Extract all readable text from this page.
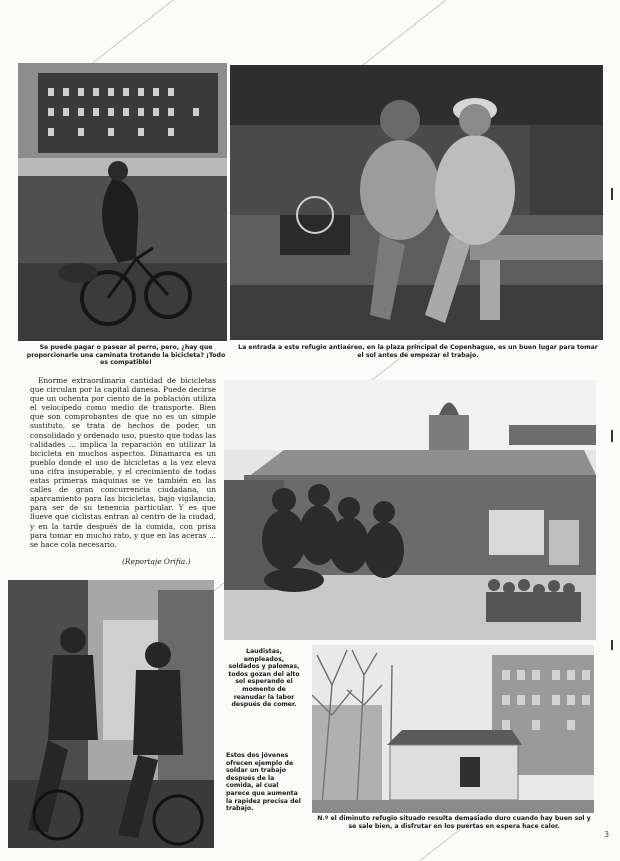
Se puede pagar o pasear al perro, pero, ¿hay que proporcionarle una caminata trotando la bicicleta? ¡Todo es compatible!

La entrada a este refugio antiaéreo, en la plaza principal de Copenhague, es un buen lugar para tomar el sol antes de empezar el trabajo.

Enorme extraordinaria cantidad de bicicletas que circulan por la capital danesa. Puede decirse que un ochenta por ciento de la población utiliza el velocípedo como medio de transporte. Bien que son comprobantes de que no es un simple sustituto, se trata de hechos de poder, un consolidado y ordenado uso, puesto que todas las calidades ... implica la reparación en utilizar la bicicleta en muchos aspectos. Dinamarca es un pueblo donde el uso de bicicletas a la vez eleva una cifra insuperable, y el crecimiento de todas estas primeras máquinas se ve también en las calles de gran concurrencia ciudadana, un aparcamiento para las bicicletas, bajo vigilancia, para ser de su tenencia particular. Y es que llueve que ciclistas entran al centro de la ciudad, y en la tarde después de la comida, con prisa para tomar en mucho rato, y que en las aceras ... se hace cola necesario.

(Reportaje Orifia.)

Laudistas, empleados, soldados y palomas, todos gozan del alto sol esperando el momento de reanudar la labor después de comer.

Estos dos jóvenes ofrecen ejemplo de soldar un trabajo después de la comida, al cual parece que aumenta la rapidez precisa del trabajo.

N.º el diminuto refugio situado resulta demasiado duro cuando hay buen sol y se sale bien, a disfrutar en los puertas en espera hace calor.

3
